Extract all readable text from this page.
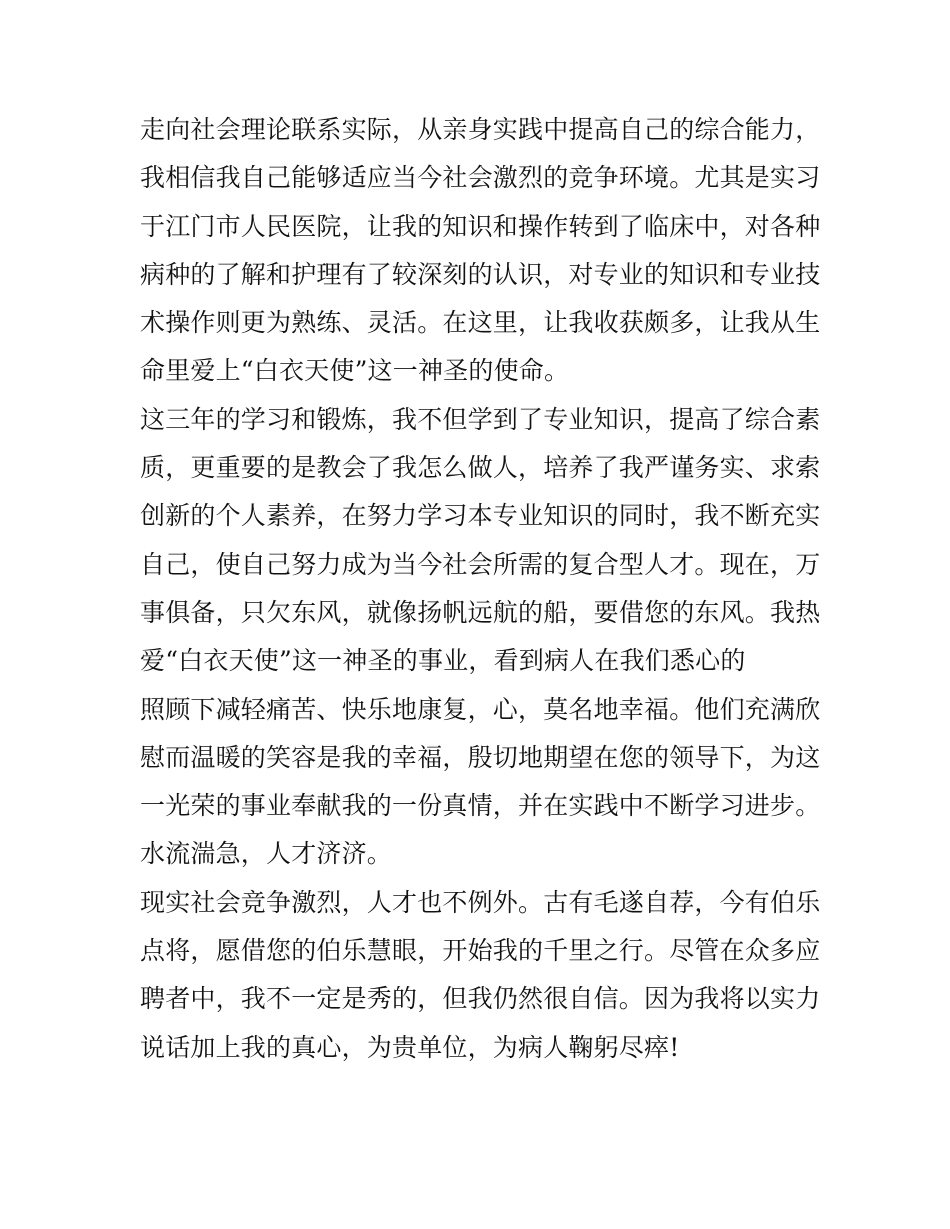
走向社会理论联系实际，从亲身实践中提高自己的综合能力，
我相信我自己能够适应当今社会激烈的竞争环境。尤其是实习
于江门市人民医院，让我的知识和操作转到了临床中，对各种
病种的了解和护理有了较深刻的认识，对专业的知识和专业技
术操作则更为熟练、灵活。在这里，让我收获颇多，让我从生
命里爱上“白衣天使”这一神圣的使命。
这三年的学习和锻炼，我不但学到了专业知识，提高了综合素
质，更重要的是教会了我怎么做人，培养了我严谨务实、求索
创新的个人素养，在努力学习本专业知识的同时，我不断充实
自己，使自己努力成为当今社会所需的复合型人才。现在，万
事俱备，只欠东风，就像扬帆远航的船，要借您的东风。我热
爱“白衣天使”这一神圣的事业，看到病人在我们悉心的
照顾下减轻痛苦、快乐地康复，心，莫名地幸福。他们充满欣
慰而温暖的笑容是我的幸福，殷切地期望在您的领导下，为这
一光荣的事业奉献我的一份真情，并在实践中不断学习进步。
水流湍急，人才济济。
现实社会竞争激烈，人才也不例外。古有毛遂自荐，今有伯乐
点将，愿借您的伯乐慧眼，开始我的千里之行。尽管在众多应
聘者中，我不一定是秀的，但我仍然很自信。因为我将以实力
说话加上我的真心，为贵单位，为病人鞠躬尽瘁!
